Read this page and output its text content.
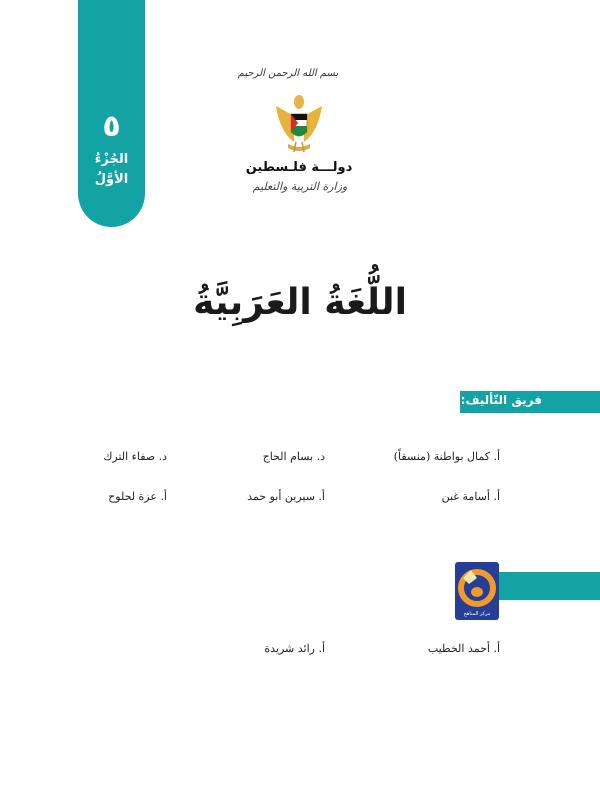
٥
الجُزْءُ
الأوَّلُ
بسم الله الرحمن الرحيم
دولـــة فلـسطين
وزارة التربية والتعليم
اللُّغَةُ العَرَبِيَّةُ
فريق التّأليف:
أ. كمال بواطنة (منسقاً)
د. بسام الحاج
د. صفاء الترك
أ. أسامة غبن
أ. سيرين أبو حمد
أ. عزة لحلوح
مركز المناهج
أ. أحمد الخطيب
أ. رائد شريدة
